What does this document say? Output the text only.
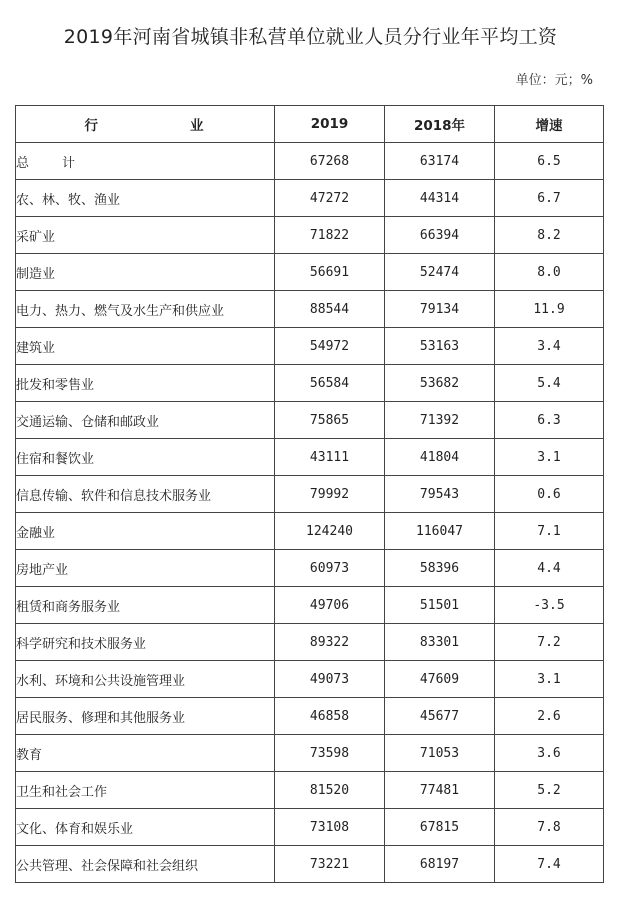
2019年河南省城镇非私营单位就业人员分行业年平均工资
单位：元；%
行 业	2019	2018年	增速
总        计	67268	63174	6.5
农、林、牧、渔业	47272	44314	6.7
采矿业	71822	66394	8.2
制造业	56691	52474	8.0
电力、热力、燃气及水生产和供应业	88544	79134	11.9
建筑业	54972	53163	3.4
批发和零售业	56584	53682	5.4
交通运输、仓储和邮政业	75865	71392	6.3
住宿和餐饮业	43111	41804	3.1
信息传输、软件和信息技术服务业	79992	79543	0.6
金融业	124240	116047	7.1
房地产业	60973	58396	4.4
租赁和商务服务业	49706	51501	-3.5
科学研究和技术服务业	89322	83301	7.2
水利、环境和公共设施管理业	49073	47609	3.1
居民服务、修理和其他服务业	46858	45677	2.6
教育	73598	71053	3.6
卫生和社会工作	81520	77481	5.2
文化、体育和娱乐业	73108	67815	7.8
公共管理、社会保障和社会组织	73221	68197	7.4
